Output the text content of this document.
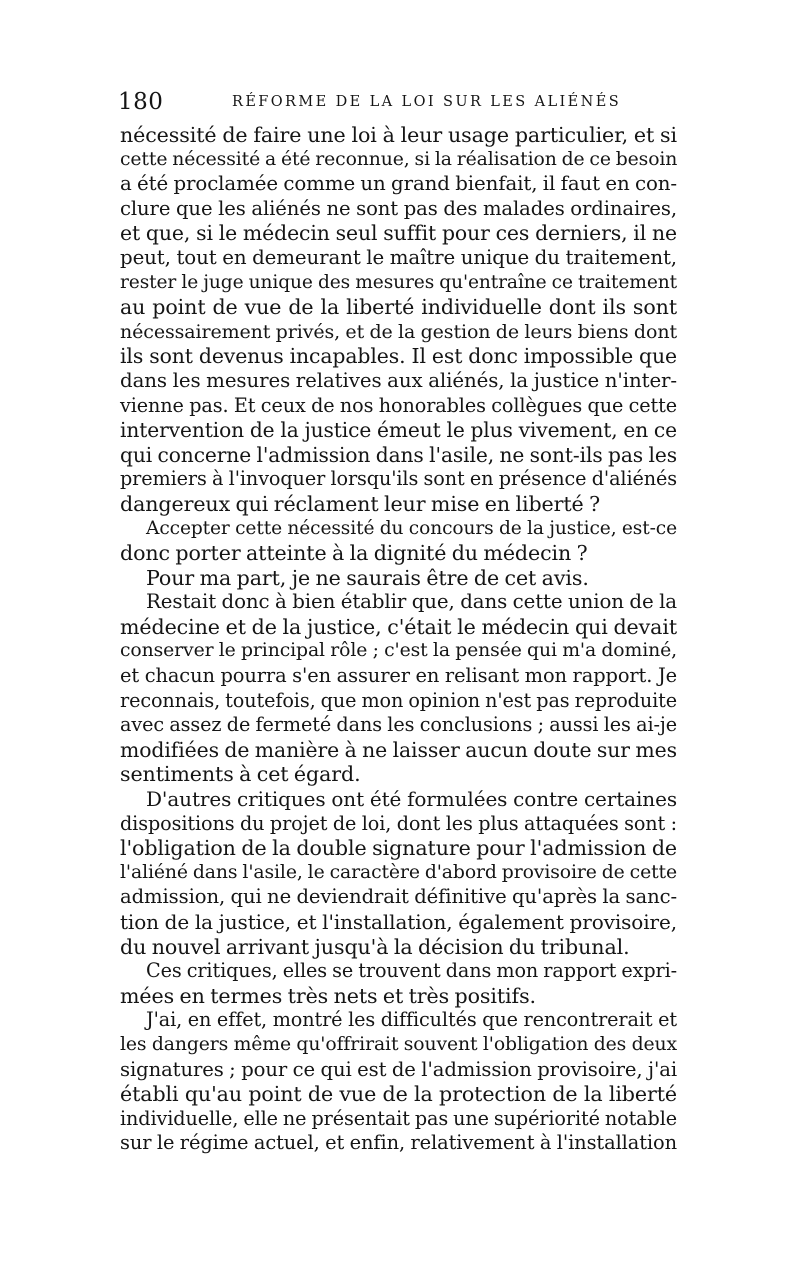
180	RÉFORME DE LA LOI SUR LES ALIÉNÉS
nécessité de faire une loi à leur usage particulier, et si
cette nécessité a été reconnue, si la réalisation de ce besoin
a été proclamée comme un grand bienfait, il faut en con-
clure que les aliénés ne sont pas des malades ordinaires,
et que, si le médecin seul suffit pour ces derniers, il ne
peut, tout en demeurant le maître unique du traitement,
rester le juge unique des mesures qu'entraîne ce traitement
au point de vue de la liberté individuelle dont ils sont
nécessairement privés, et de la gestion de leurs biens dont
ils sont devenus incapables. Il est donc impossible que
dans les mesures relatives aux aliénés, la justice n'inter-
vienne pas. Et ceux de nos honorables collègues que cette
intervention de la justice émeut le plus vivement, en ce
qui concerne l'admission dans l'asile, ne sont-ils pas les
premiers à l'invoquer lorsqu'ils sont en présence d'aliénés
dangereux qui réclament leur mise en liberté ?
Accepter cette nécessité du concours de la justice, est-ce
donc porter atteinte à la dignité du médecin ?
Pour ma part, je ne saurais être de cet avis.
Restait donc à bien établir que, dans cette union de la
médecine et de la justice, c'était le médecin qui devait
conserver le principal rôle ; c'est la pensée qui m'a dominé,
et chacun pourra s'en assurer en relisant mon rapport. Je
reconnais, toutefois, que mon opinion n'est pas reproduite
avec assez de fermeté dans les conclusions ; aussi les ai-je
modifiées de manière à ne laisser aucun doute sur mes
sentiments à cet égard.
D'autres critiques ont été formulées contre certaines
dispositions du projet de loi, dont les plus attaquées sont :
l'obligation de la double signature pour l'admission de
l'aliéné dans l'asile, le caractère d'abord provisoire de cette
admission, qui ne deviendrait définitive qu'après la sanc-
tion de la justice, et l'installation, également provisoire,
du nouvel arrivant jusqu'à la décision du tribunal.
Ces critiques, elles se trouvent dans mon rapport expri-
mées en termes très nets et très positifs.
J'ai, en effet, montré les difficultés que rencontrerait et
les dangers même qu'offrirait souvent l'obligation des deux
signatures ; pour ce qui est de l'admission provisoire, j'ai
établi qu'au point de vue de la protection de la liberté
individuelle, elle ne présentait pas une supériorité notable
sur le régime actuel, et enfin, relativement à l'installation
